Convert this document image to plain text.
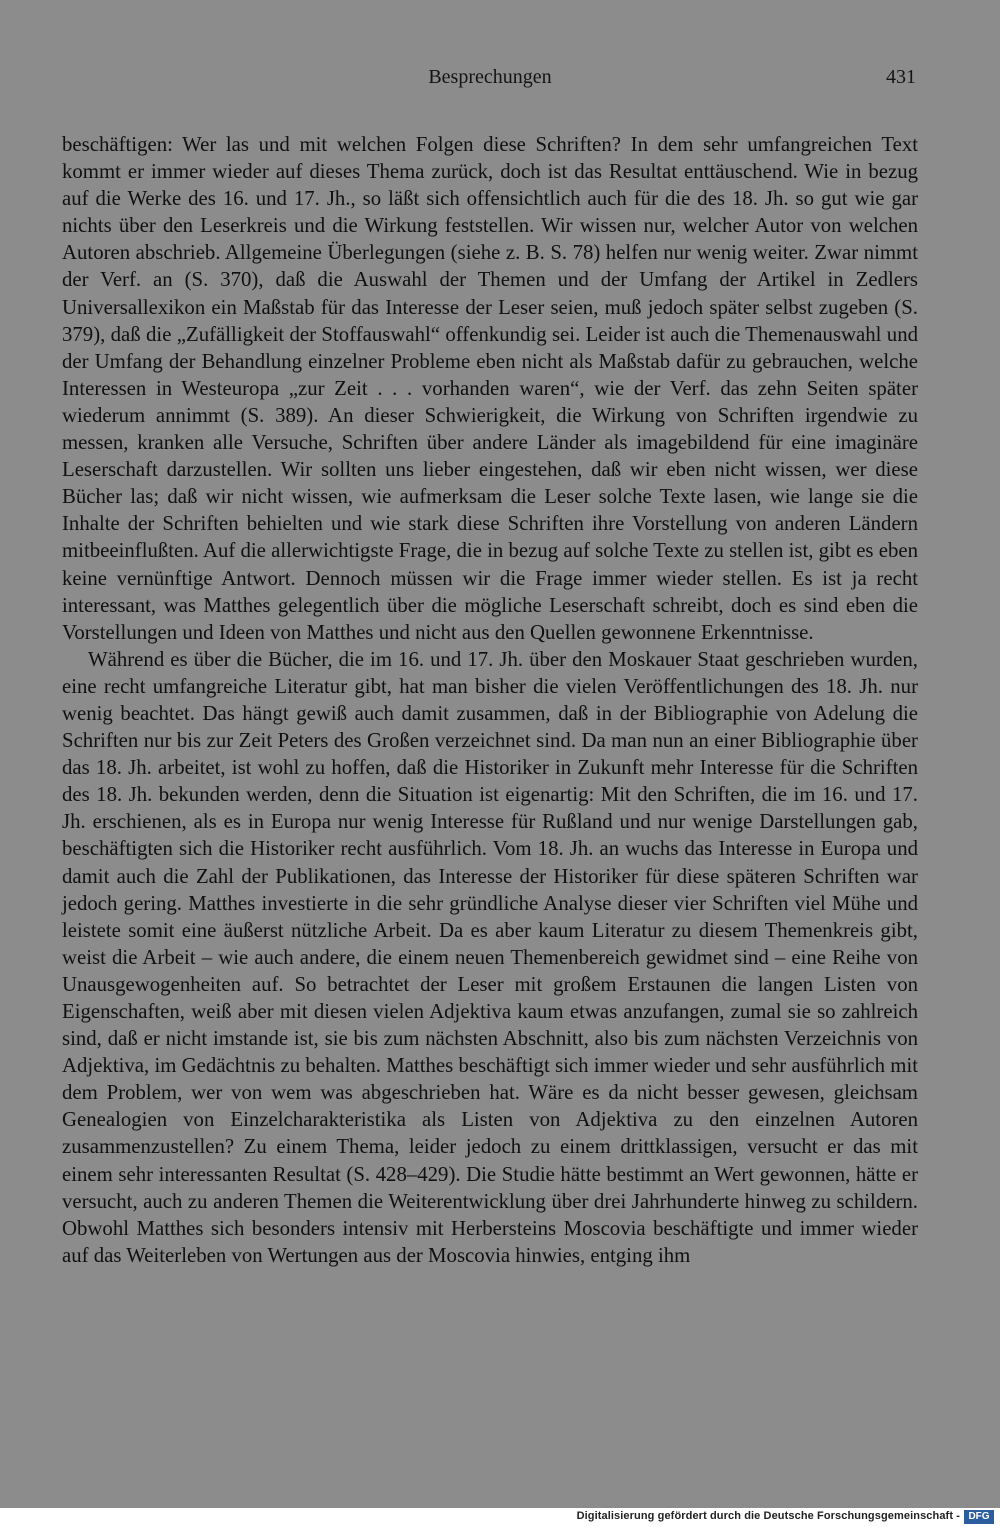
Besprechungen	431

beschäftigen: Wer las und mit welchen Folgen diese Schriften? In dem sehr umfangreichen Text kommt er immer wieder auf dieses Thema zurück, doch ist das Resultat enttäuschend. Wie in bezug auf die Werke des 16. und 17. Jh., so läßt sich offensichtlich auch für die des 18. Jh. so gut wie gar nichts über den Leserkreis und die Wirkung feststellen. Wir wissen nur, welcher Autor von welchen Autoren abschrieb. Allgemeine Überlegungen (siehe z. B. S. 78) helfen nur wenig weiter. Zwar nimmt der Verf. an (S. 370), daß die Auswahl der Themen und der Umfang der Artikel in Zedlers Universallexikon ein Maßstab für das Interesse der Leser seien, muß jedoch später selbst zugeben (S. 379), daß die „Zufälligkeit der Stoffauswahl“ offenkundig sei. Leider ist auch die Themenauswahl und der Umfang der Behandlung einzelner Probleme eben nicht als Maßstab dafür zu gebrauchen, welche Interessen in Westeuropa „zur Zeit . . . vorhanden waren“, wie der Verf. das zehn Seiten später wiederum annimmt (S. 389). An dieser Schwierigkeit, die Wirkung von Schriften irgendwie zu messen, kranken alle Versuche, Schriften über andere Länder als imagebildend für eine imaginäre Leserschaft darzustellen. Wir sollten uns lieber eingestehen, daß wir eben nicht wissen, wer diese Bücher las; daß wir nicht wissen, wie aufmerksam die Leser solche Texte lasen, wie lange sie die Inhalte der Schriften behielten und wie stark diese Schriften ihre Vorstellung von anderen Ländern mitbeeinflußten. Auf die allerwichtigste Frage, die in bezug auf solche Texte zu stellen ist, gibt es eben keine vernünftige Antwort. Dennoch müssen wir die Frage immer wieder stellen. Es ist ja recht interessant, was Matthes gelegentlich über die mögliche Leserschaft schreibt, doch es sind eben die Vorstellungen und Ideen von Matthes und nicht aus den Quellen gewonnene Erkenntnisse.

Während es über die Bücher, die im 16. und 17. Jh. über den Moskauer Staat geschrieben wurden, eine recht umfangreiche Literatur gibt, hat man bisher die vielen Veröffentlichungen des 18. Jh. nur wenig beachtet. Das hängt gewiß auch damit zusammen, daß in der Bibliographie von Adelung die Schriften nur bis zur Zeit Peters des Großen verzeichnet sind. Da man nun an einer Bibliographie über das 18. Jh. arbeitet, ist wohl zu hoffen, daß die Historiker in Zukunft mehr Interesse für die Schriften des 18. Jh. bekunden werden, denn die Situation ist eigenartig: Mit den Schriften, die im 16. und 17. Jh. erschienen, als es in Europa nur wenig Interesse für Rußland und nur wenige Darstellungen gab, beschäftigten sich die Historiker recht ausführlich. Vom 18. Jh. an wuchs das Interesse in Europa und damit auch die Zahl der Publikationen, das Interesse der Historiker für diese späteren Schriften war jedoch gering. Matthes investierte in die sehr gründliche Analyse dieser vier Schriften viel Mühe und leistete somit eine äußerst nützliche Arbeit. Da es aber kaum Literatur zu diesem Themenkreis gibt, weist die Arbeit – wie auch andere, die einem neuen Themenbereich gewidmet sind – eine Reihe von Unausgewogenheiten auf. So betrachtet der Leser mit großem Erstaunen die langen Listen von Eigenschaften, weiß aber mit diesen vielen Adjektiva kaum etwas anzufangen, zumal sie so zahlreich sind, daß er nicht imstande ist, sie bis zum nächsten Abschnitt, also bis zum nächsten Verzeichnis von Adjektiva, im Gedächtnis zu behalten. Matthes beschäftigt sich immer wieder und sehr ausführlich mit dem Problem, wer von wem was abgeschrieben hat. Wäre es da nicht besser gewesen, gleichsam Genealogien von Einzelcharakteristika als Listen von Adjektiva zu den einzelnen Autoren zusammenzustellen? Zu einem Thema, leider jedoch zu einem drittklassigen, versucht er das mit einem sehr interessanten Resultat (S. 428–429). Die Studie hätte bestimmt an Wert gewonnen, hätte er versucht, auch zu anderen Themen die Weiterentwicklung über drei Jahrhunderte hinweg zu schildern. Obwohl Matthes sich besonders intensiv mit Herbersteins Moscovia beschäftigte und immer wieder auf das Weiterleben von Wertungen aus der Moscovia hinwies, entging ihm

Digitalisierung gefördert durch die Deutsche Forschungsgemeinschaft - DFG
